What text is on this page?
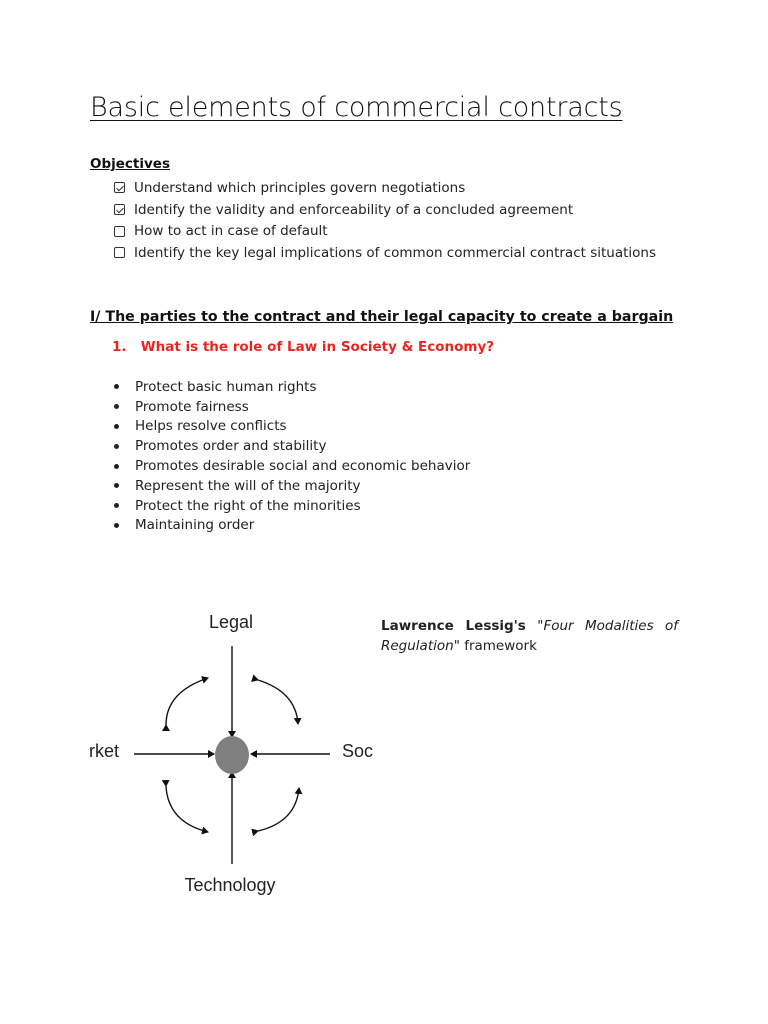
Basic elements of commercial contracts
Objectives
Understand which principles govern negotiations
Identify the validity and enforceability of a concluded agreement
How to act in case of default
Identify the key legal implications of common commercial contract situations
I/ The parties to the contract and their legal capacity to create a bargain
1. What is the role of Law in Society & Economy?
Protect basic human rights
Promote fairness
Helps resolve conflicts
Promotes order and stability
Promotes desirable social and economic behavior
Represent the will of the majority
Protect the right of the minorities
Maintaining order
Legal
rket	Soc
Technology
Lawrence Lessig's "Four Modalities of Regulation" framework
